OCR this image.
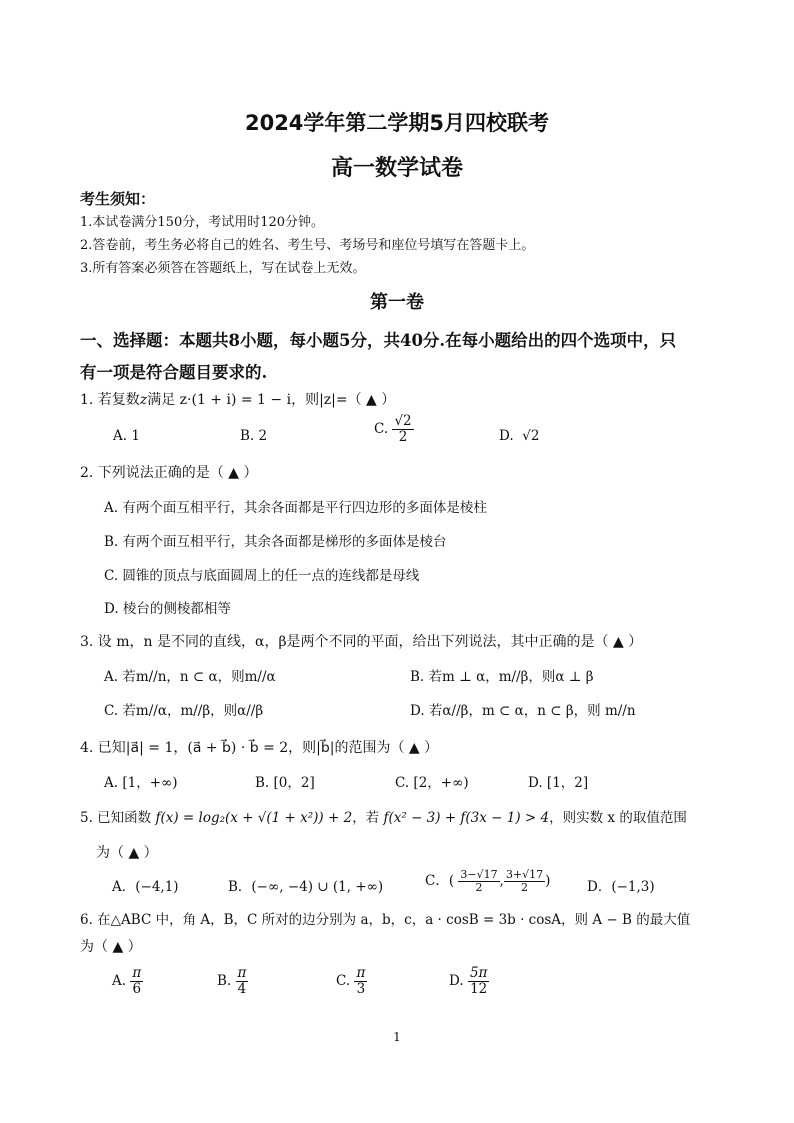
2024学年第二学期5月四校联考
高一数学试卷
考生须知：
1.本试卷满分150分，考试用时120分钟。
2.答卷前，考生务必将自己的姓名、考生号、考场号和座位号填写在答题卡上。
3.所有答案必须答在答题纸上，写在试卷上无效。
第一卷
一、选择题：本题共8小题，每小题5分，共40分.在每小题给出的四个选项中，只
有一项是符合题目要求的.
1. 若复数z满足 z·(1 + i) = 1 − i，则|z|=（ ▲ ）
A. 1	B. 2	C. $\frac{√2}{2}$	D. √2
2. 下列说法正确的是（ ▲ ）
A. 有两个面互相平行，其余各面都是平行四边形的多面体是棱柱
B. 有两个面互相平行，其余各面都是梯形的多面体是棱台
C. 圆锥的顶点与底面圆周上的任一点的连线都是母线
D. 棱台的侧棱都相等
3. 设 m，n 是不同的直线，α，β是两个不同的平面，给出下列说法，其中正确的是（ ▲ ）
A. 若m//n，n ⊂ α，则m//α	B. 若m ⊥ α，m//β，则α ⊥ β
C. 若m//α，m//β，则α//β	D. 若α//β，m ⊂ α，n ⊂ β，则 m//n
4. 已知|a⃗| = 1，(a⃗ + b⃗) · b⃗ = 2，则|b⃗|的范围为（ ▲ ）
A. [1，+∞)	B. [0，2]	C. [2，+∞)	D. [1，2]
5. 已知函数 f(x) = log₂(x + √(1 + x²)) + 2，若 f(x² − 3) + f(3x − 1) > 4，则实数 x 的取值范围
为（ ▲ ）
A．(−4,1)	B．(−∞, −4) ∪ (1, +∞)	C．( $\frac{3-√17}{2}$ , $\frac{3+√17}{2}$ )	D．(−1,3)
6. 在△ABC 中，角 A，B，C 所对的边分别为 a，b，c，a · cosB = 3b · cosA，则 A − B 的最大值
为（ ▲ ）
A. $\frac{\pi}{6}$	B. $\frac{\pi}{4}$	C. $\frac{\pi}{3}$	D. $\frac{5\pi}{12}$
1
